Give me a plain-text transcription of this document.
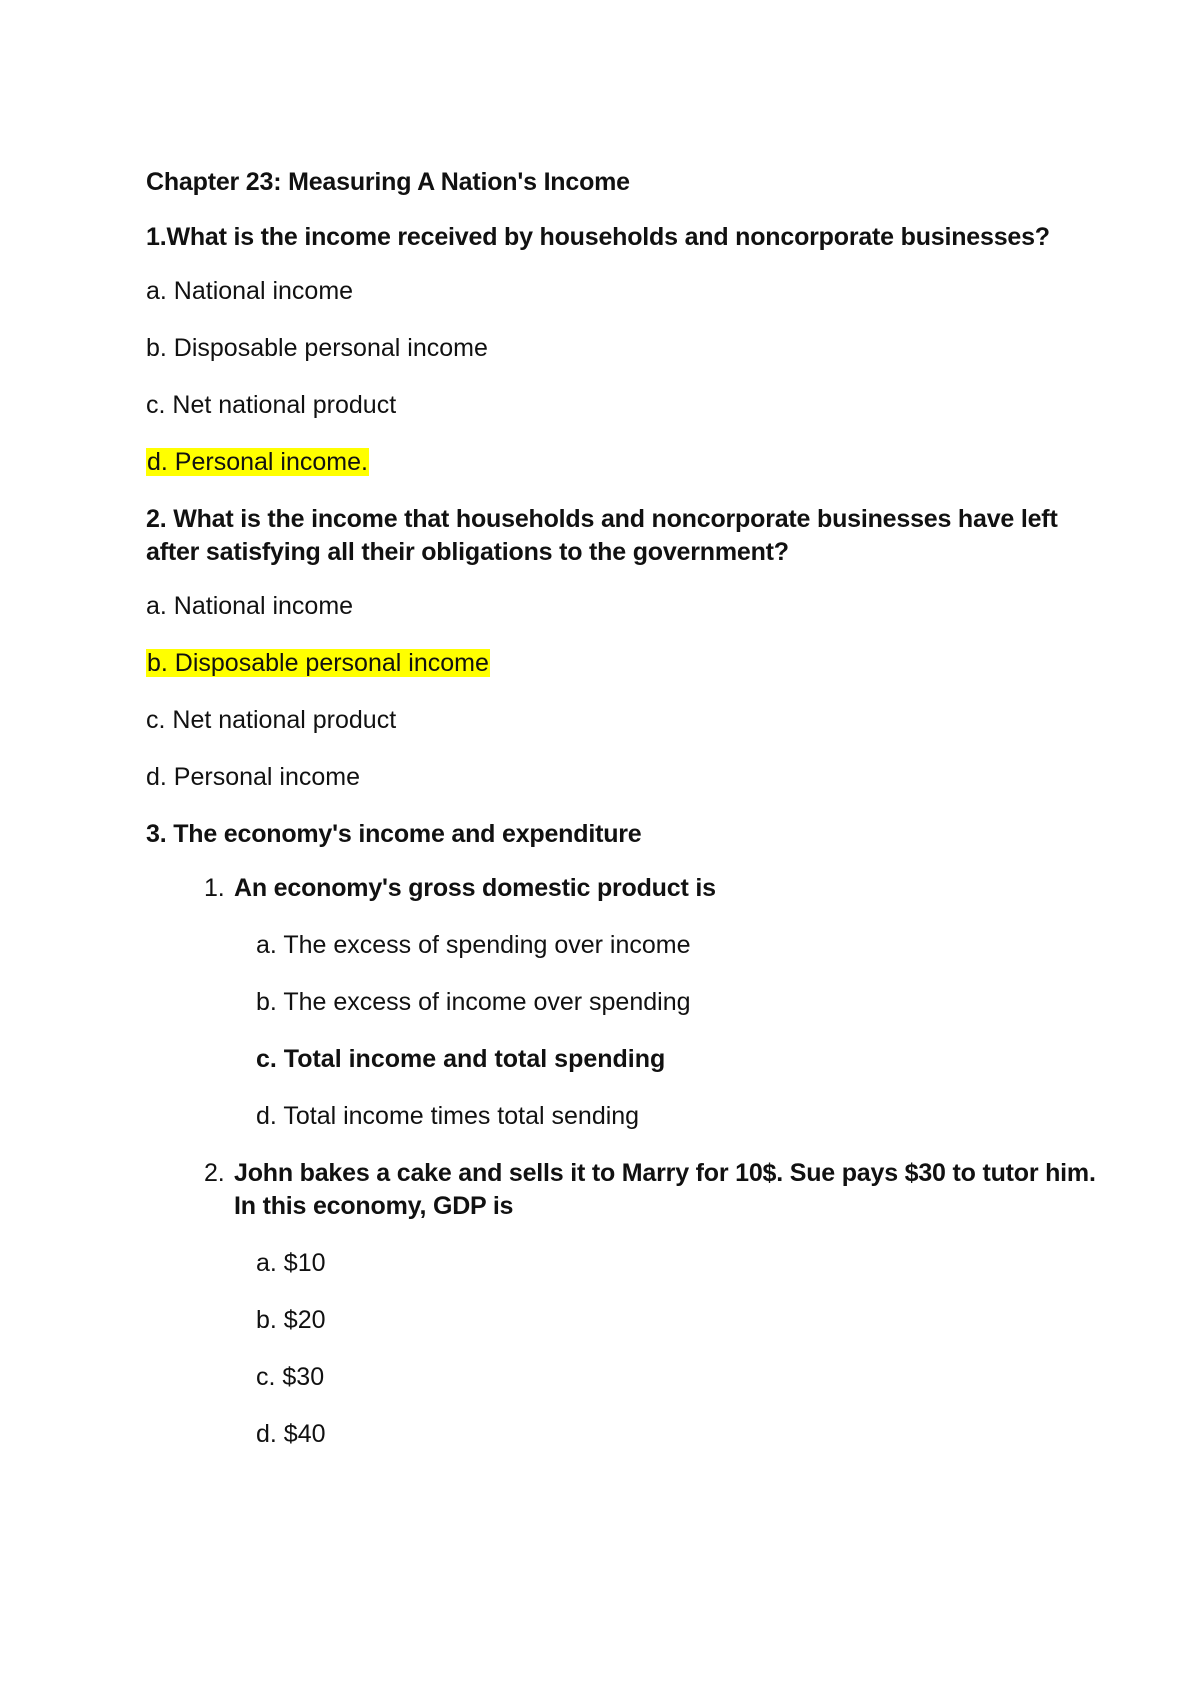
Chapter 23: Measuring A Nation's Income
1.What is the income received by households and noncorporate businesses?
a. National income
b. Disposable personal income
c. Net national product
d. Personal income.
2. What is the income that households and noncorporate businesses have left after satisfying all their obligations to the government?
a. National income
b. Disposable personal income
c. Net national product
d. Personal income
3. The economy's income and expenditure
1. An economy's gross domestic product is
a. The excess of spending over income
b. The excess of income over spending
c. Total income and total spending
d. Total income times total sending
2. John bakes a cake and sells it to Marry for 10$. Sue pays $30 to tutor him. In this economy, GDP is
a. $10
b. $20
c. $30
d. $40
